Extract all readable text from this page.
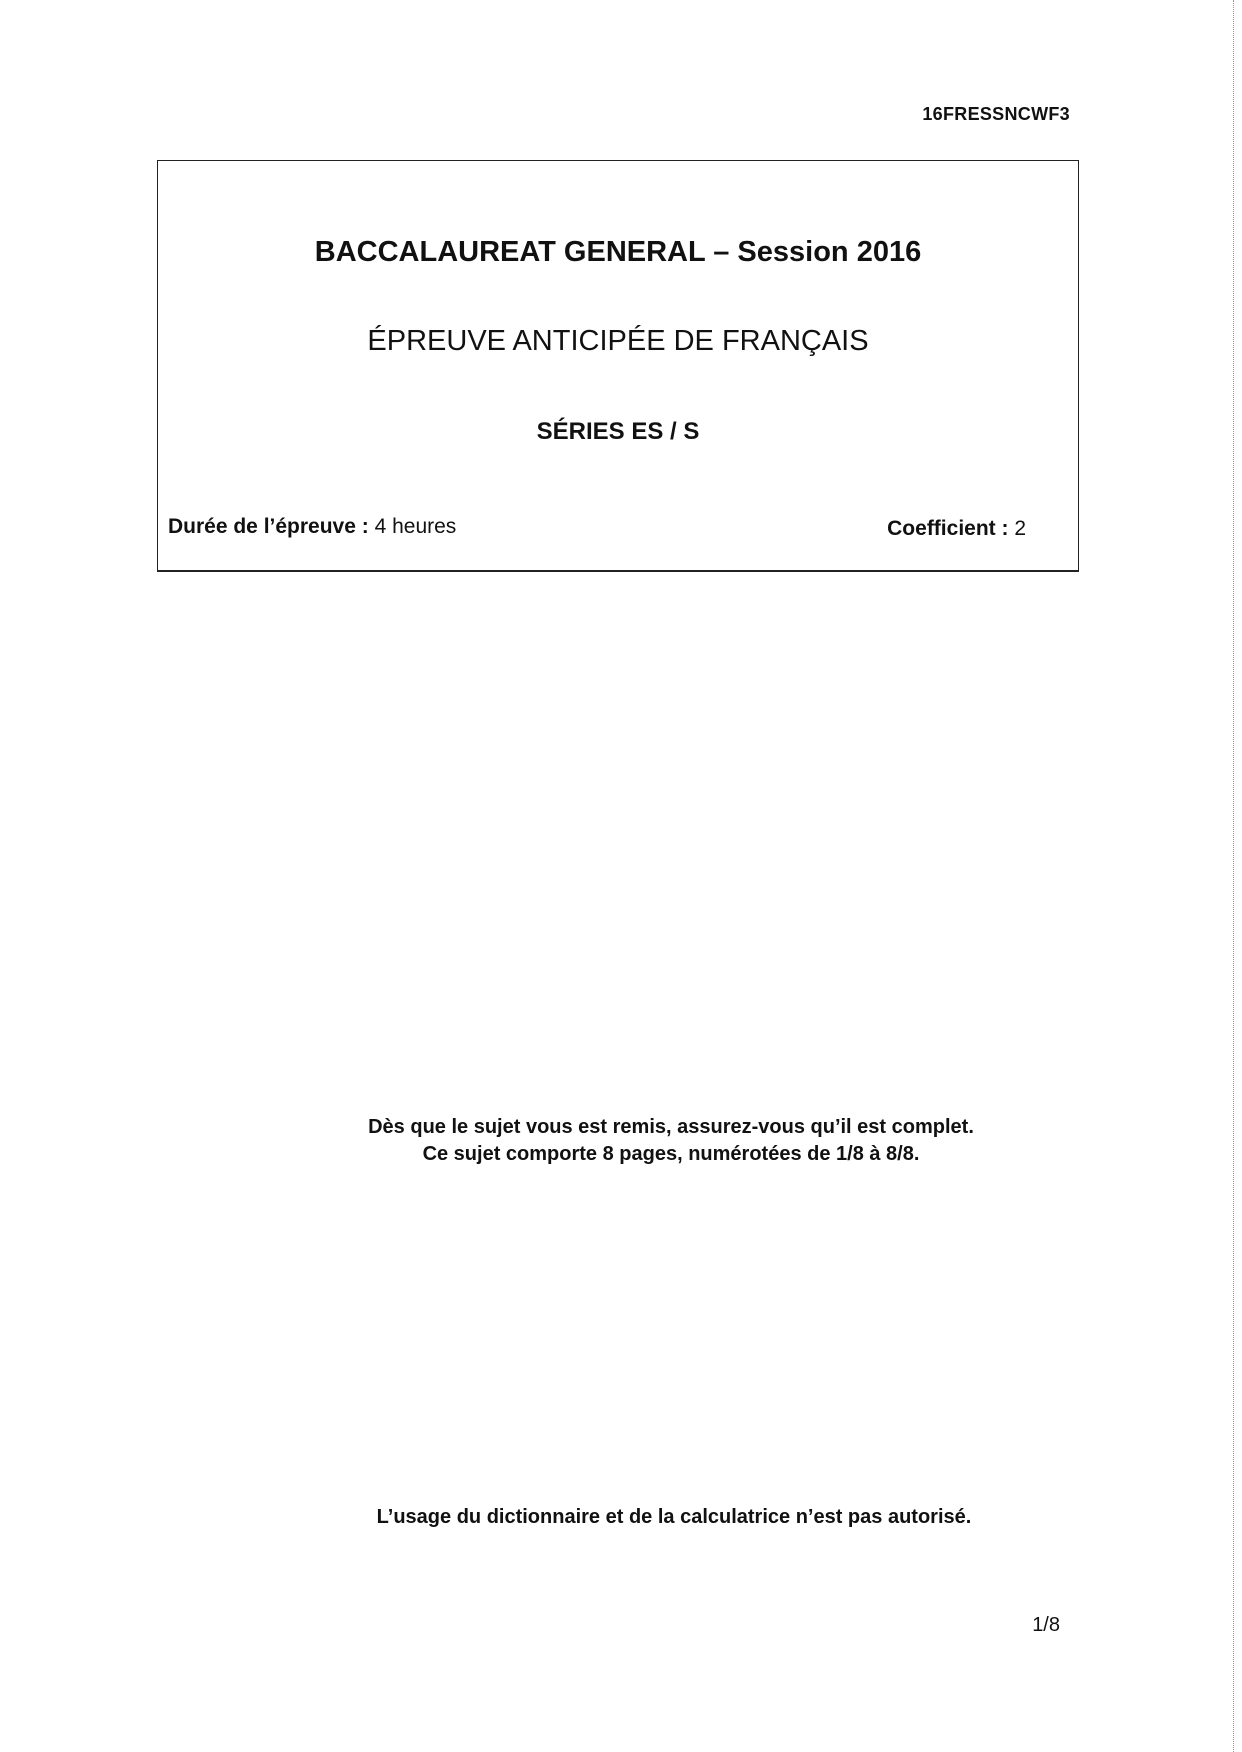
16FRESSNCWF3
BACCALAUREAT GENERAL – Session 2016
ÉPREUVE ANTICIPÉE DE FRANÇAIS
SÉRIES ES / S
Durée de l’épreuve : 4 heures	Coefficient : 2
Dès que le sujet vous est remis, assurez-vous qu’il est complet.
Ce sujet comporte 8 pages, numérotées de 1/8 à 8/8.
L’usage du dictionnaire et de la calculatrice n’est pas autorisé.
1/8
